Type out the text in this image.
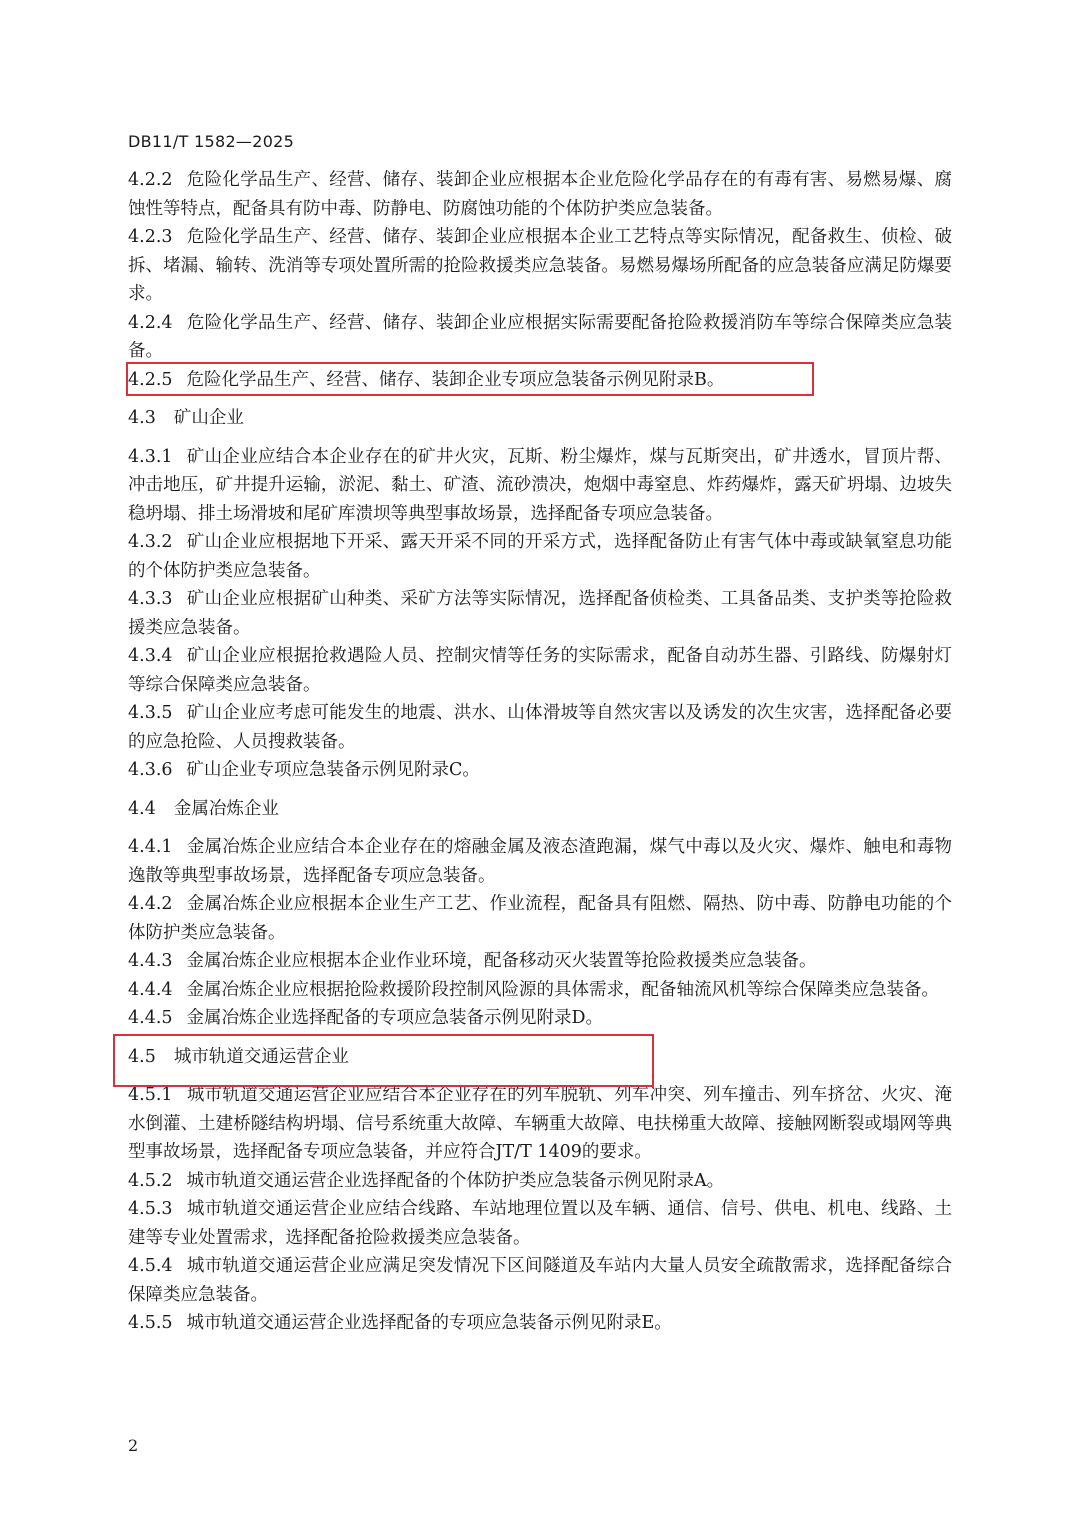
DB11/T 1582—2025
4.2.2 危险化学品生产、经营、储存、装卸企业应根据本企业危险化学品存在的有毒有害、易燃易爆、腐蚀性等特点，配备具有防中毒、防静电、防腐蚀功能的个体防护类应急装备。
4.2.3 危险化学品生产、经营、储存、装卸企业应根据本企业工艺特点等实际情况，配备救生、侦检、破拆、堵漏、输转、洗消等专项处置所需的抢险救援类应急装备。易燃易爆场所配备的应急装备应满足防爆要求。
4.2.4 危险化学品生产、经营、储存、装卸企业应根据实际需要配备抢险救援消防车等综合保障类应急装备。
4.2.5 危险化学品生产、经营、储存、装卸企业专项应急装备示例见附录B。
4.3 矿山企业
4.3.1 矿山企业应结合本企业存在的矿井火灾，瓦斯、粉尘爆炸，煤与瓦斯突出，矿井透水，冒顶片帮、冲击地压，矿井提升运输，淤泥、黏土、矿渣、流砂溃决，炮烟中毒窒息、炸药爆炸，露天矿坍塌、边坡失稳坍塌、排土场滑坡和尾矿库溃坝等典型事故场景，选择配备专项应急装备。
4.3.2 矿山企业应根据地下开采、露天开采不同的开采方式，选择配备防止有害气体中毒或缺氧窒息功能的个体防护类应急装备。
4.3.3 矿山企业应根据矿山种类、采矿方法等实际情况，选择配备侦检类、工具备品类、支护类等抢险救援类应急装备。
4.3.4 矿山企业应根据抢救遇险人员、控制灾情等任务的实际需求，配备自动苏生器、引路线、防爆射灯等综合保障类应急装备。
4.3.5 矿山企业应考虑可能发生的地震、洪水、山体滑坡等自然灾害以及诱发的次生灾害，选择配备必要的应急抢险、人员搜救装备。
4.3.6 矿山企业专项应急装备示例见附录C。
4.4 金属冶炼企业
4.4.1 金属冶炼企业应结合本企业存在的熔融金属及液态渣跑漏，煤气中毒以及火灾、爆炸、触电和毒物逸散等典型事故场景，选择配备专项应急装备。
4.4.2 金属冶炼企业应根据本企业生产工艺、作业流程，配备具有阻燃、隔热、防中毒、防静电功能的个体防护类应急装备。
4.4.3 金属冶炼企业应根据本企业作业环境，配备移动灭火装置等抢险救援类应急装备。
4.4.4 金属冶炼企业应根据抢险救援阶段控制风险源的具体需求，配备轴流风机等综合保障类应急装备。
4.4.5 金属冶炼企业选择配备的专项应急装备示例见附录D。
4.5 城市轨道交通运营企业
4.5.1 城市轨道交通运营企业应结合本企业存在的列车脱轨、列车冲突、列车撞击、列车挤岔、火灾、淹水倒灌、土建桥隧结构坍塌、信号系统重大故障、车辆重大故障、电扶梯重大故障、接触网断裂或塌网等典型事故场景，选择配备专项应急装备，并应符合JT/T 1409的要求。
4.5.2 城市轨道交通运营企业选择配备的个体防护类应急装备示例见附录A。
4.5.3 城市轨道交通运营企业应结合线路、车站地理位置以及车辆、通信、信号、供电、机电、线路、土建等专业处置需求，选择配备抢险救援类应急装备。
4.5.4 城市轨道交通运营企业应满足突发情况下区间隧道及车站内大量人员安全疏散需求，选择配备综合保障类应急装备。
4.5.5 城市轨道交通运营企业选择配备的专项应急装备示例见附录E。
2
